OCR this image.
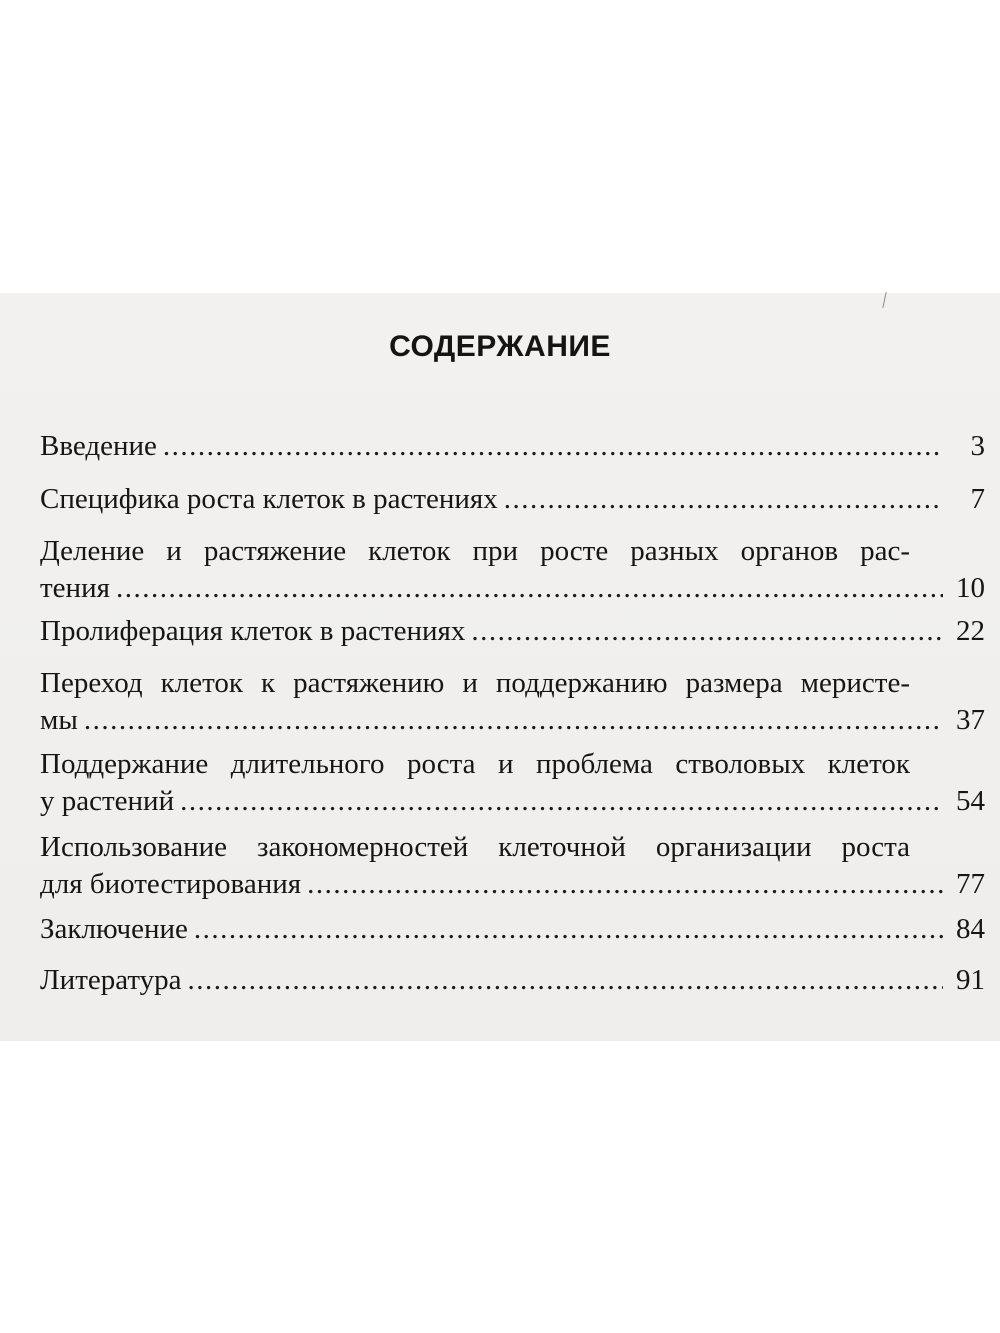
СОДЕРЖАНИЕ
Введение .....	3
Специфика роста клеток в растениях .....	7
Деление и растяжение клеток при росте разных органов рас-
тения .....	10
Пролиферация клеток в растениях .....	22
Переход клеток к растяжению и поддержанию размера меристе-
мы .....	37
Поддержание длительного роста и проблема стволовых клеток
у растений .....	54
Использование закономерностей клеточной организации роста
для биотестирования .....	77
Заключение .....	84
Литература .....	91
